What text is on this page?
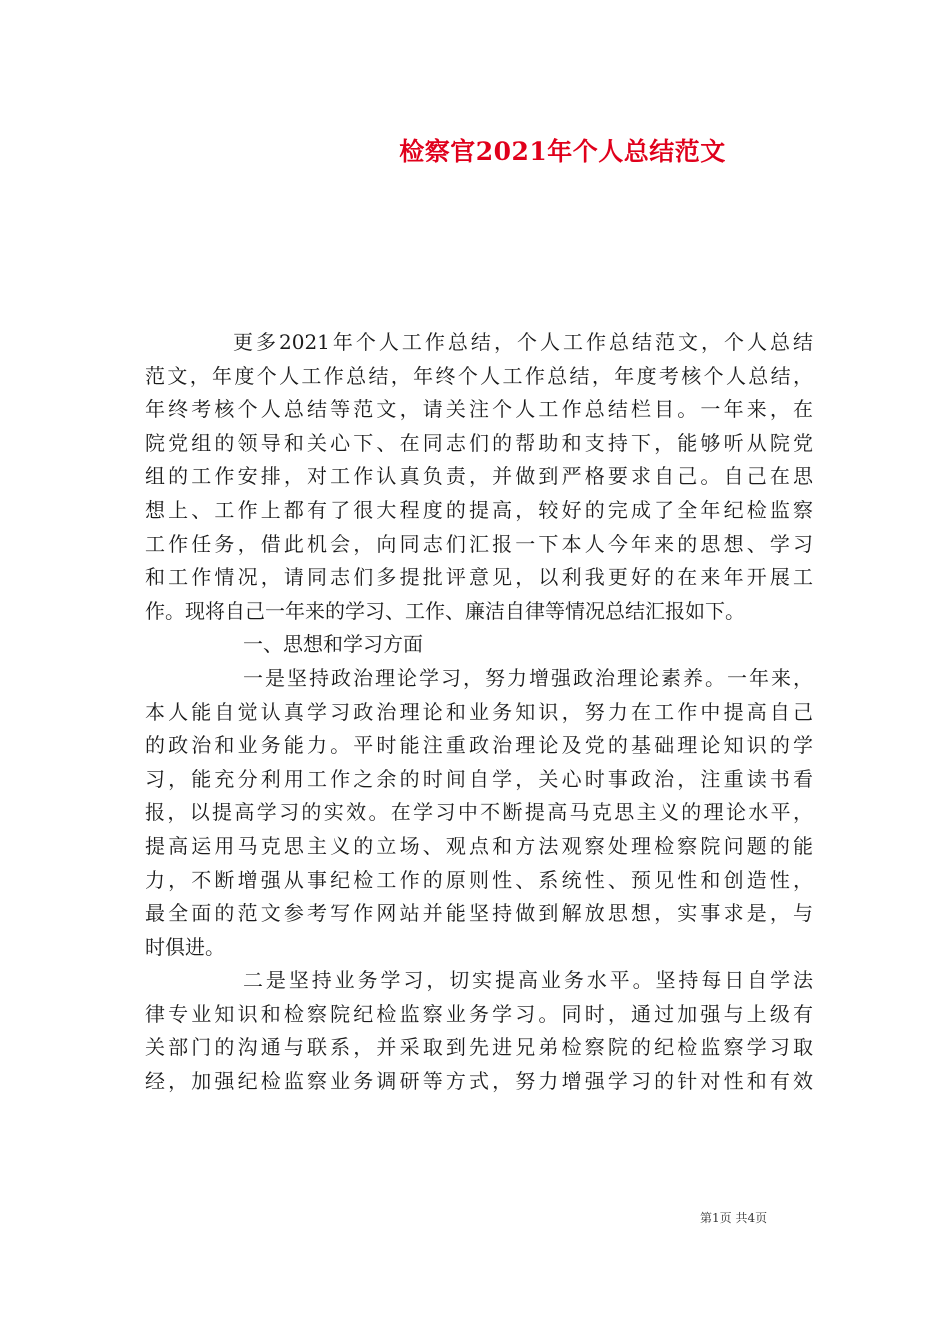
检察官2021年个人总结范文
更多2021年个人工作总结，个人工作总结范文，个人总结
范文，年度个人工作总结，年终个人工作总结，年度考核个人总结，
年终考核个人总结等范文，请关注个人工作总结栏目。一年来，在
院党组的领导和关心下、在同志们的帮助和支持下，能够听从院党
组的工作安排，对工作认真负责，并做到严格要求自己。自己在思
想上、工作上都有了很大程度的提高，较好的完成了全年纪检监察
工作任务，借此机会，向同志们汇报一下本人今年来的思想、学习
和工作情况，请同志们多提批评意见，以利我更好的在来年开展工
作。现将自己一年来的学习、工作、廉洁自律等情况总结汇报如下。
一、思想和学习方面
一是坚持政治理论学习，努力增强政治理论素养。一年来，
本人能自觉认真学习政治理论和业务知识，努力在工作中提高自己
的政治和业务能力。平时能注重政治理论及党的基础理论知识的学
习，能充分利用工作之余的时间自学，关心时事政治，注重读书看
报，以提高学习的实效。在学习中不断提高马克思主义的理论水平，
提高运用马克思主义的立场、观点和方法观察处理检察院问题的能
力，不断增强从事纪检工作的原则性、系统性、预见性和创造性，
最全面的范文参考写作网站并能坚持做到解放思想，实事求是，与
时俱进。
二是坚持业务学习，切实提高业务水平。坚持每日自学法
律专业知识和检察院纪检监察业务学习。同时，通过加强与上级有
关部门的沟通与联系，并采取到先进兄弟检察院的纪检监察学习取
经，加强纪检监察业务调研等方式，努力增强学习的针对性和有效
第1页 共4页
